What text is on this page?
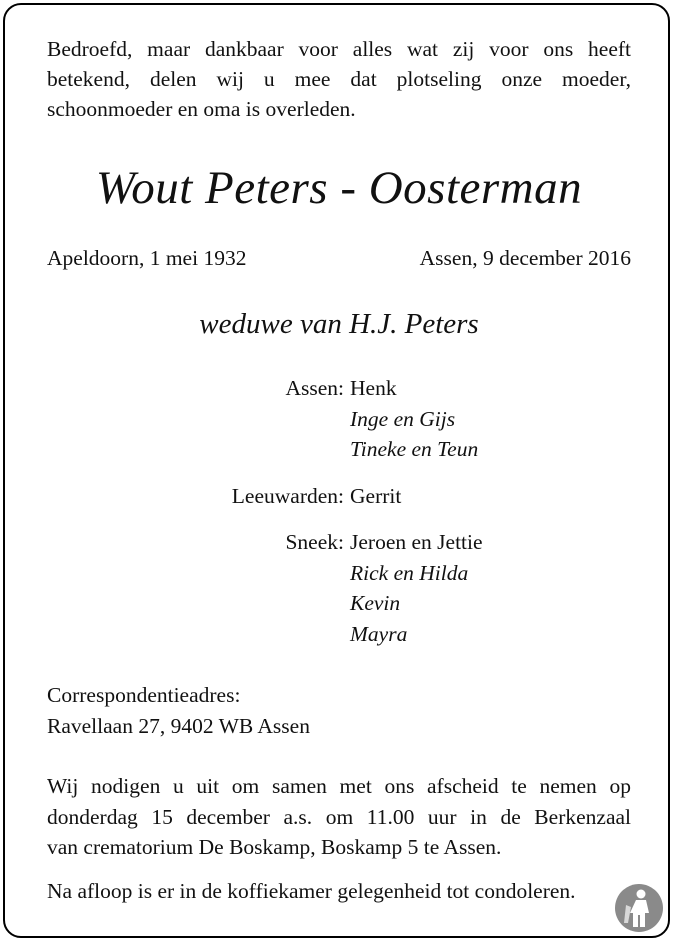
Bedroefd, maar dankbaar voor alles wat zij voor ons heeft
betekend, delen wij u mee dat plotseling onze moeder,
schoonmoeder en oma is overleden.
Wout Peters - Oosterman
Apeldoorn, 1 mei 1932	Assen, 9 december 2016
weduwe van H.J. Peters
Assen: Henk
Inge en Gijs
Tineke en Teun
Leeuwarden: Gerrit
Sneek: Jeroen en Jettie
Rick en Hilda
Kevin
Mayra
Correspondentieadres:
Ravellaan 27, 9402 WB Assen
Wij nodigen u uit om samen met ons afscheid te nemen op
donderdag 15 december a.s. om 11.00 uur in de Berkenzaal
van crematorium De Boskamp, Boskamp 5 te Assen.
Na afloop is er in de koffiekamer gelegenheid tot condoleren.
